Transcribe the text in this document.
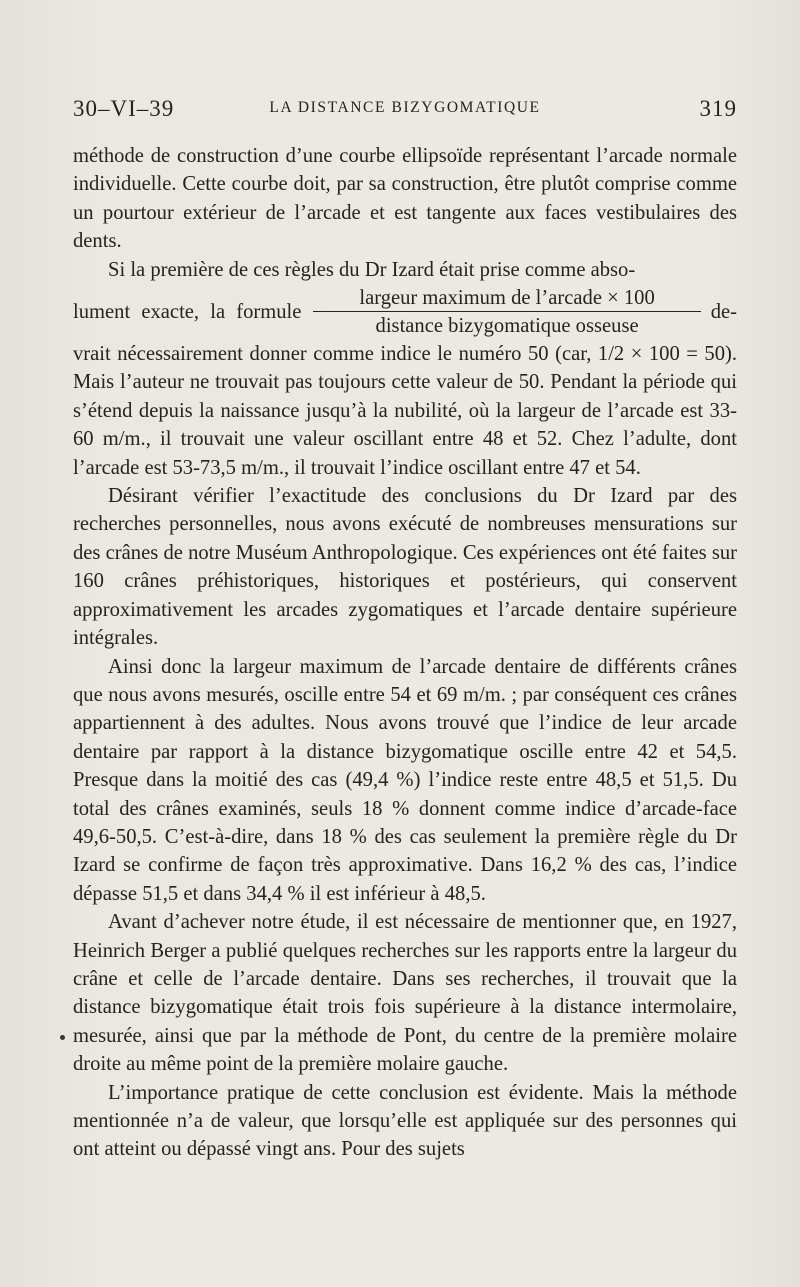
30–VI–39	LA DISTANCE BIZYGOMATIQUE	319

méthode de construction d’une courbe ellipsoïde représentant l’arcade normale individuelle. Cette courbe doit, par sa construction, être plutôt comprise comme un pourtour extérieur de l’arcade et est tangente aux faces vestibulaires des dents.

Si la première de ces règles du Dr Izard était prise comme abso-

lument exacte, la formule $\frac{\text{largeur maximum de l’arcade × 100}}{\text{distance bizygomatique osseuse}} de-$

vrait nécessairement donner comme indice le numéro 50 (car, 1/2 × 100 = 50). Mais l’auteur ne trouvait pas toujours cette valeur de 50. Pendant la période qui s’étend depuis la naissance jusqu’à la nubilité, où la largeur de l’arcade est 33-60 m/m., il trouvait une valeur oscillant entre 48 et 52. Chez l’adulte, dont l’arcade est 53-73,5 m/m., il trouvait l’indice oscillant entre 47 et 54.

Désirant vérifier l’exactitude des conclusions du Dr Izard par des recherches personnelles, nous avons exécuté de nombreuses mensurations sur des crânes de notre Muséum Anthropologique. Ces expériences ont été faites sur 160 crânes préhistoriques, historiques et postérieurs, qui conservent approximativement les arcades zygomatiques et l’arcade dentaire supérieure intégrales.

Ainsi donc la largeur maximum de l’arcade dentaire de différents crânes que nous avons mesurés, oscille entre 54 et 69 m/m. ; par conséquent ces crânes appartiennent à des adultes. Nous avons trouvé que l’indice de leur arcade dentaire par rapport à la distance bizygomatique oscille entre 42 et 54,5. Presque dans la moitié des cas (49,4 %) l’indice reste entre 48,5 et 51,5. Du total des crânes examinés, seuls 18 % donnent comme indice d’arcade-face 49,6-50,5. C’est-à-dire, dans 18 % des cas seulement la première règle du Dr Izard se confirme de façon très approximative. Dans 16,2 % des cas, l’indice dépasse 51,5 et dans 34,4 % il est inférieur à 48,5.

Avant d’achever notre étude, il est nécessaire de mentionner que, en 1927, Heinrich Berger a publié quelques recherches sur les rapports entre la largeur du crâne et celle de l’arcade dentaire. Dans ses recherches, il trouvait que la distance bizygomatique était trois fois supérieure à la distance intermolaire, mesurée, ainsi que par la méthode de Pont, du centre de la première molaire droite au même point de la première molaire gauche.

L’importance pratique de cette conclusion est évidente. Mais la méthode mentionnée n’a de valeur, que lorsqu’elle est appliquée sur des personnes qui ont atteint ou dépassé vingt ans. Pour des sujets
